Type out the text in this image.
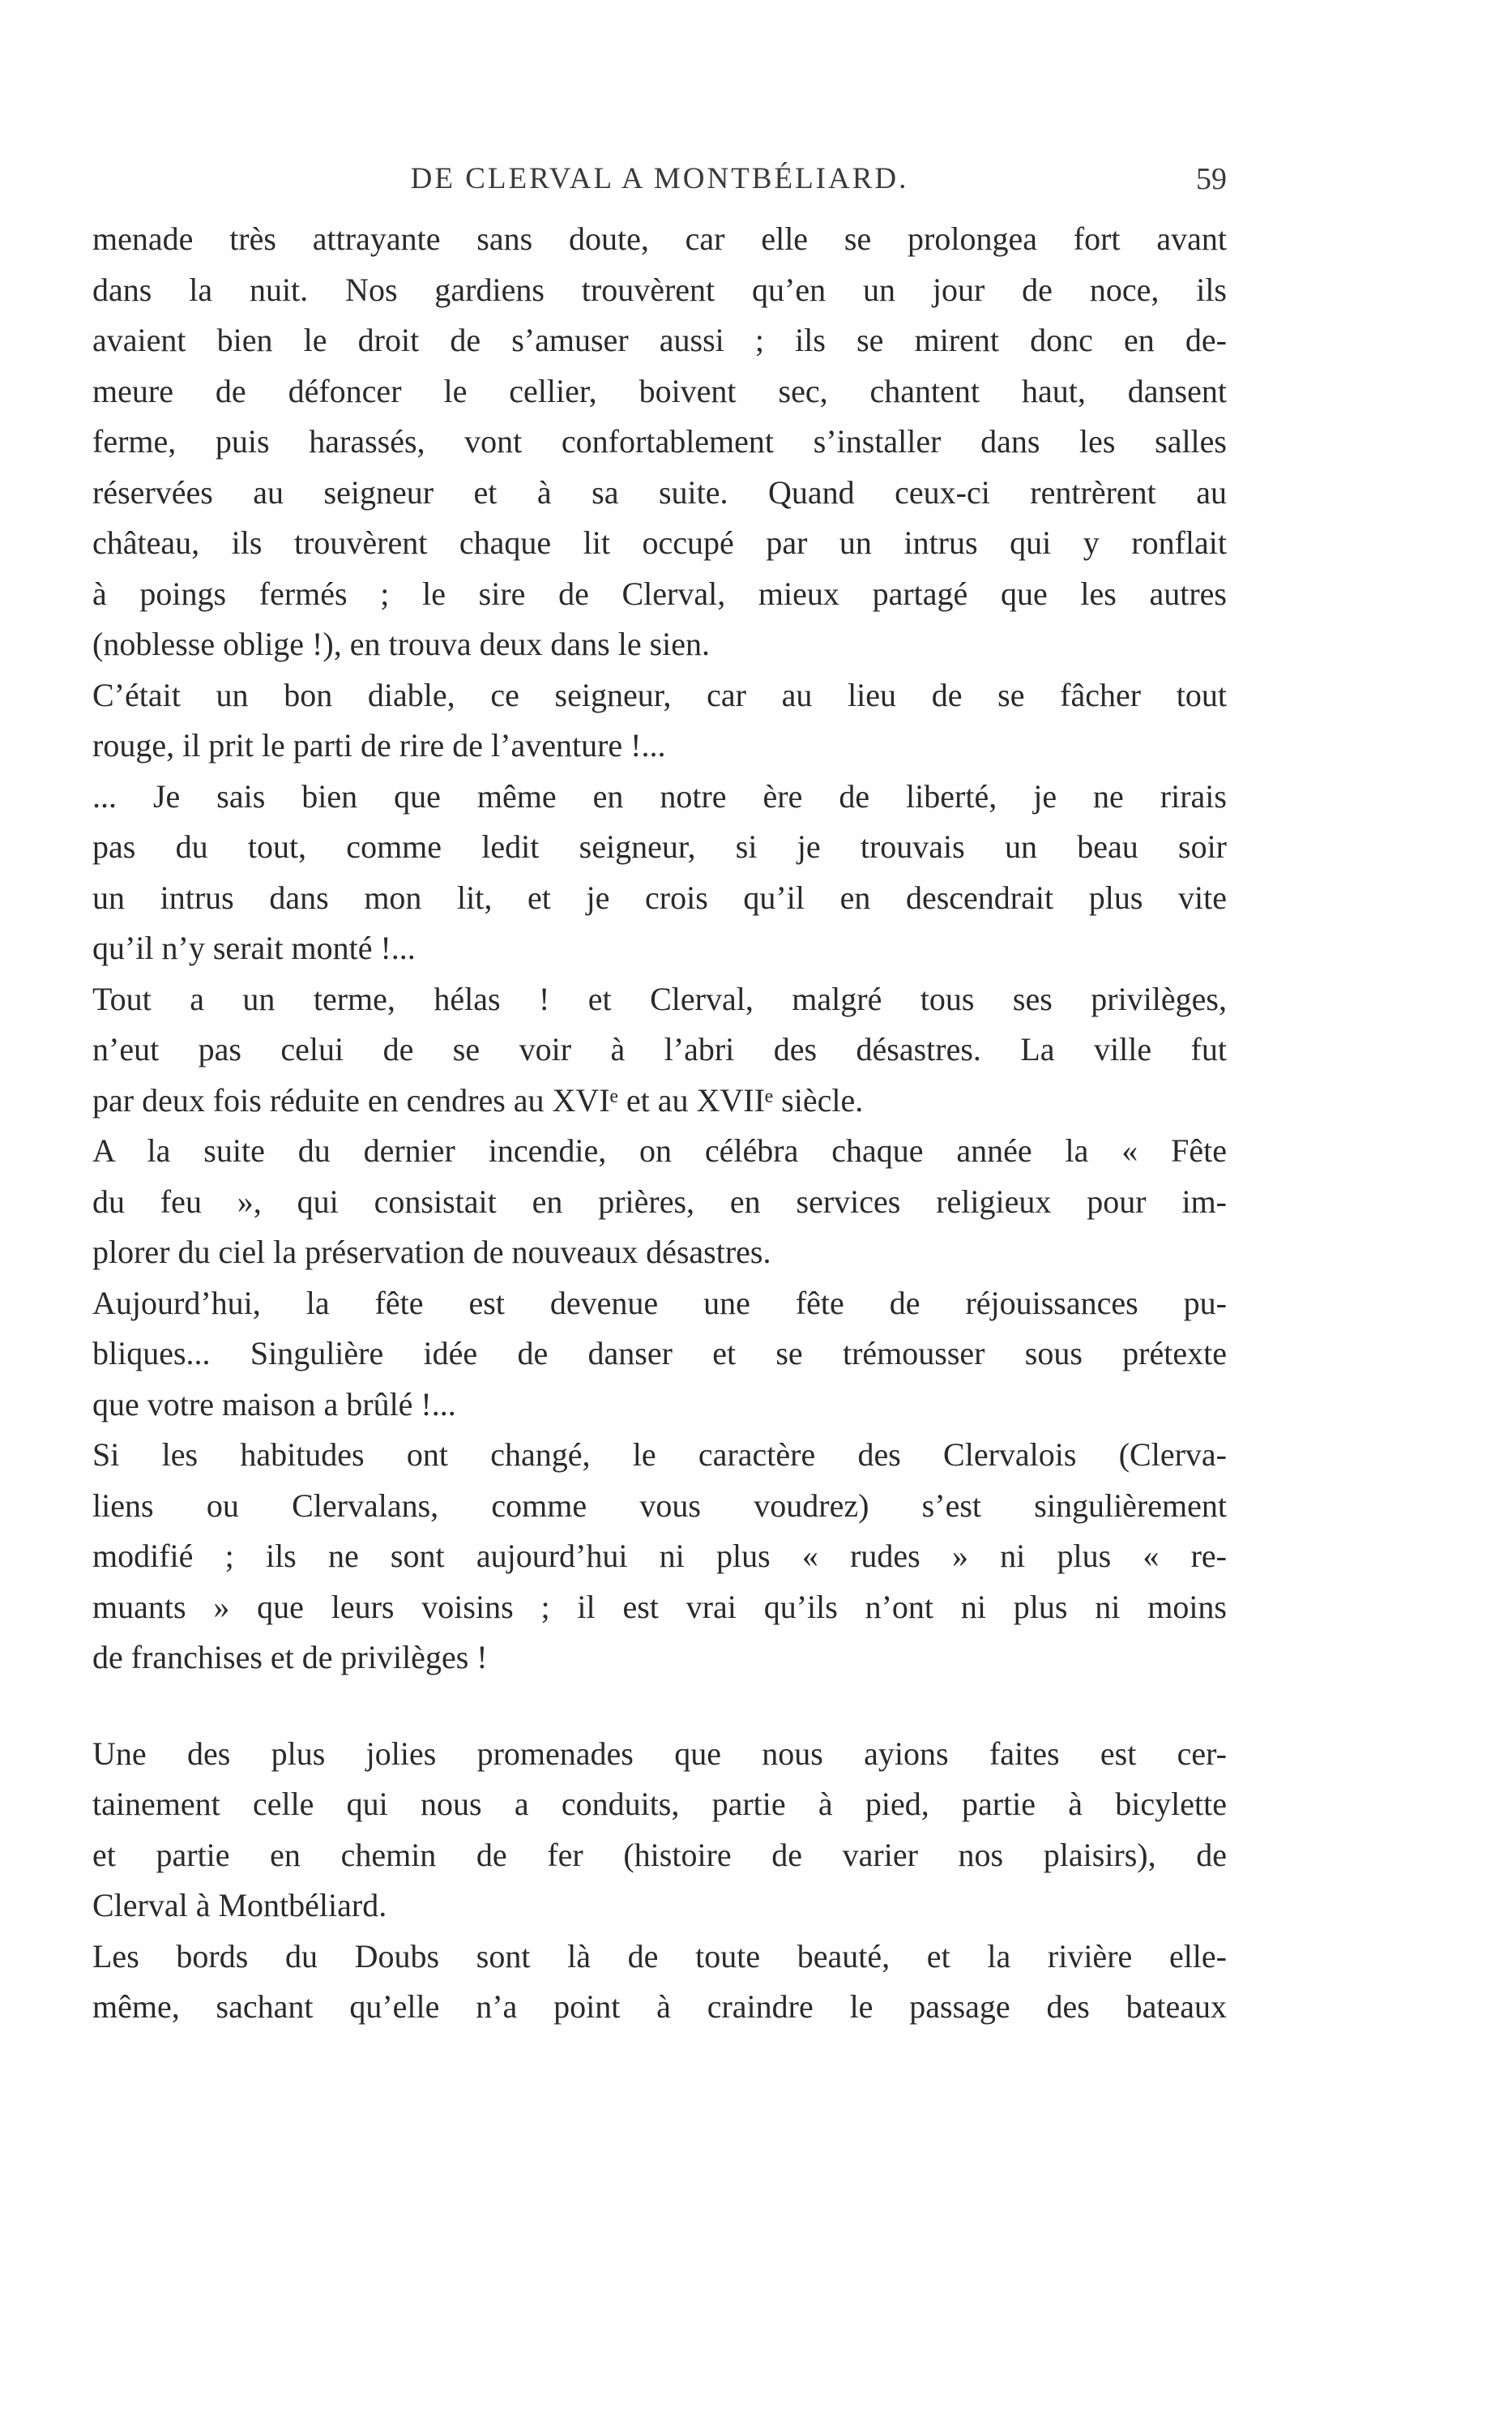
DE CLERVAL A MONTBÉLIARD.	59
menade très attrayante sans doute, car elle se prolongea fort avant
dans la nuit. Nos gardiens trouvèrent qu’en un jour de noce, ils
avaient bien le droit de s’amuser aussi ; ils se mirent donc en de-
meure de défoncer le cellier, boivent sec, chantent haut, dansent
ferme, puis harassés, vont confortablement s’installer dans les salles
réservées au seigneur et à sa suite. Quand ceux-ci rentrèrent au
château, ils trouvèrent chaque lit occupé par un intrus qui y ronflait
à poings fermés ; le sire de Clerval, mieux partagé que les autres
(noblesse oblige !), en trouva deux dans le sien.
C’était un bon diable, ce seigneur, car au lieu de se fâcher tout
rouge, il prit le parti de rire de l’aventure !...
... Je sais bien que même en notre ère de liberté, je ne rirais
pas du tout, comme ledit seigneur, si je trouvais un beau soir
un intrus dans mon lit, et je crois qu’il en descendrait plus vite
qu’il n’y serait monté !...
Tout a un terme, hélas ! et Clerval, malgré tous ses privilèges,
n’eut pas celui de se voir à l’abri des désastres. La ville fut
par deux fois réduite en cendres au XVIᵉ et au XVIIᵉ siècle.
A la suite du dernier incendie, on célébra chaque année la « Fête
du feu », qui consistait en prières, en services religieux pour im-
plorer du ciel la préservation de nouveaux désastres.
Aujourd’hui, la fête est devenue une fête de réjouissances pu-
bliques... Singulière idée de danser et se trémousser sous prétexte
que votre maison a brûlé !...
Si les habitudes ont changé, le caractère des Clervalois (Clerva-
liens ou Clervalans, comme vous voudrez) s’est singulièrement
modifié ; ils ne sont aujourd’hui ni plus « rudes » ni plus « re-
muants » que leurs voisins ; il est vrai qu’ils n’ont ni plus ni moins
de franchises et de privilèges !
Une des plus jolies promenades que nous ayions faites est cer-
tainement celle qui nous a conduits, partie à pied, partie à bicylette
et partie en chemin de fer (histoire de varier nos plaisirs), de
Clerval à Montbéliard.
Les bords du Doubs sont là de toute beauté, et la rivière elle-
même, sachant qu’elle n’a point à craindre le passage des bateaux
